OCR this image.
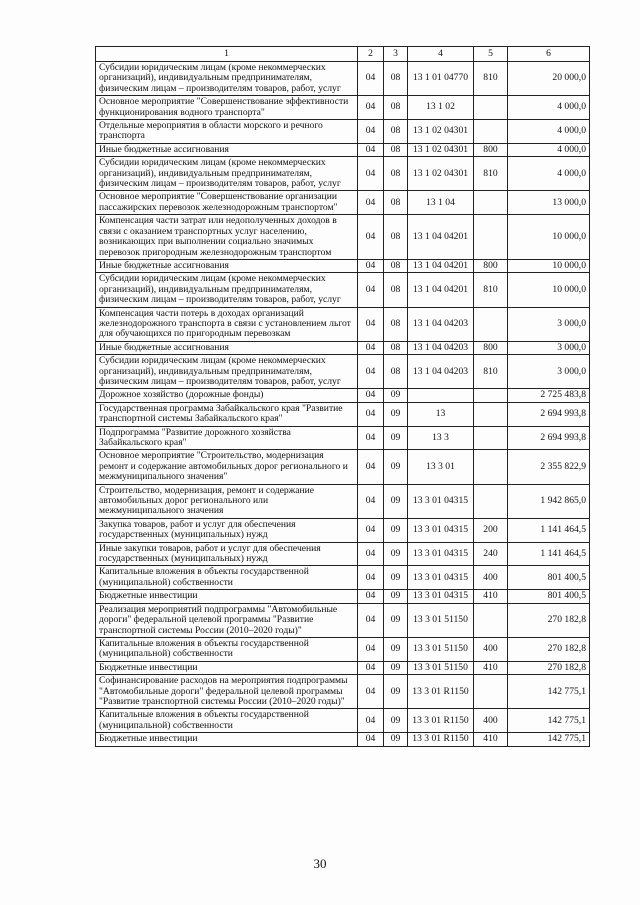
1	2	3	4	5	6
Субсидии юридическим лицам (кроме некоммерческих организаций), индивидуальным предпринимателям, физическим лицам – производителям товаров, работ, услуг	04	08	13 1 01 04770	810	20 000,0
Основное мероприятие "Совершенствование эффективности функционирования водного транспорта"	04	08	13 1 02		4 000,0
Отдельные мероприятия в области морского и речного транспорта	04	08	13 1 02 04301		4 000,0
Иные бюджетные ассигнования	04	08	13 1 02 04301	800	4 000,0
Субсидии юридическим лицам (кроме некоммерческих организаций), индивидуальным предпринимателям, физическим лицам – производителям товаров, работ, услуг	04	08	13 1 02 04301	810	4 000,0
Основное мероприятие "Совершенствование организации пассажирских перевозок железнодорожным транспортом"	04	08	13 1 04		13 000,0
Компенсация части затрат или недополученных доходов в связи с оказанием транспортных услуг населению, возникающих при выполнении социально значимых перевозок пригородным железнодорожным транспортом	04	08	13 1 04 04201		10 000,0
Иные бюджетные ассигнования	04	08	13 1 04 04201	800	10 000,0
Субсидии юридическим лицам (кроме некоммерческих организаций), индивидуальным предпринимателям, физическим лицам – производителям товаров, работ, услуг	04	08	13 1 04 04201	810	10 000,0
Компенсация части потерь в доходах организаций железнодорожного транспорта в связи с установлением льгот для обучающихся по пригородным перевозкам	04	08	13 1 04 04203		3 000,0
Иные бюджетные ассигнования	04	08	13 1 04 04203	800	3 000,0
Субсидии юридическим лицам (кроме некоммерческих организаций), индивидуальным предпринимателям, физическим лицам – производителям товаров, работ, услуг	04	08	13 1 04 04203	810	3 000,0
Дорожное хозяйство (дорожные фонды)	04	09			2 725 483,8
Государственная программа Забайкальского края "Развитие транспортной системы Забайкальского края"	04	09	13		2 694 993,8
Подпрограмма "Развитие дорожного хозяйства Забайкальского края"	04	09	13 3		2 694 993,8
Основное мероприятие "Строительство, модернизация ремонт и содержание автомобильных дорог регионального и межмуниципального значения"	04	09	13 3 01		2 355 822,9
Строительство, модернизация, ремонт и содержание автомобильных дорог регионального или межмуниципального значения	04	09	13 3 01 04315		1 942 865,0
Закупка товаров, работ и услуг для обеспечения государственных (муниципальных) нужд	04	09	13 3 01 04315	200	1 141 464,5
Иные закупки товаров, работ и услуг для обеспечения государственных (муниципальных) нужд	04	09	13 3 01 04315	240	1 141 464,5
Капитальные вложения в объекты государственной (муниципальной) собственности	04	09	13 3 01 04315	400	801 400,5
Бюджетные инвестиции	04	09	13 3 01 04315	410	801 400,5
Реализация мероприятий подпрограммы "Автомобильные дороги" федеральной целевой программы "Развитие транспортной системы России (2010–2020 годы)"	04	09	13 3 01 51150		270 182,8
Капитальные вложения в объекты государственной (муниципальной) собственности	04	09	13 3 01 51150	400	270 182,8
Бюджетные инвестиции	04	09	13 3 01 51150	410	270 182,8
Софинансирование расходов на мероприятия подпрограммы "Автомобильные дороги" федеральной целевой программы "Развитие транспортной системы России (2010–2020 годы)"	04	09	13 3 01 R1150		142 775,1
Капитальные вложения в объекты государственной (муниципальной) собственности	04	09	13 3 01 R1150	400	142 775,1
Бюджетные инвестиции	04	09	13 3 01 R1150	410	142 775,1
30
